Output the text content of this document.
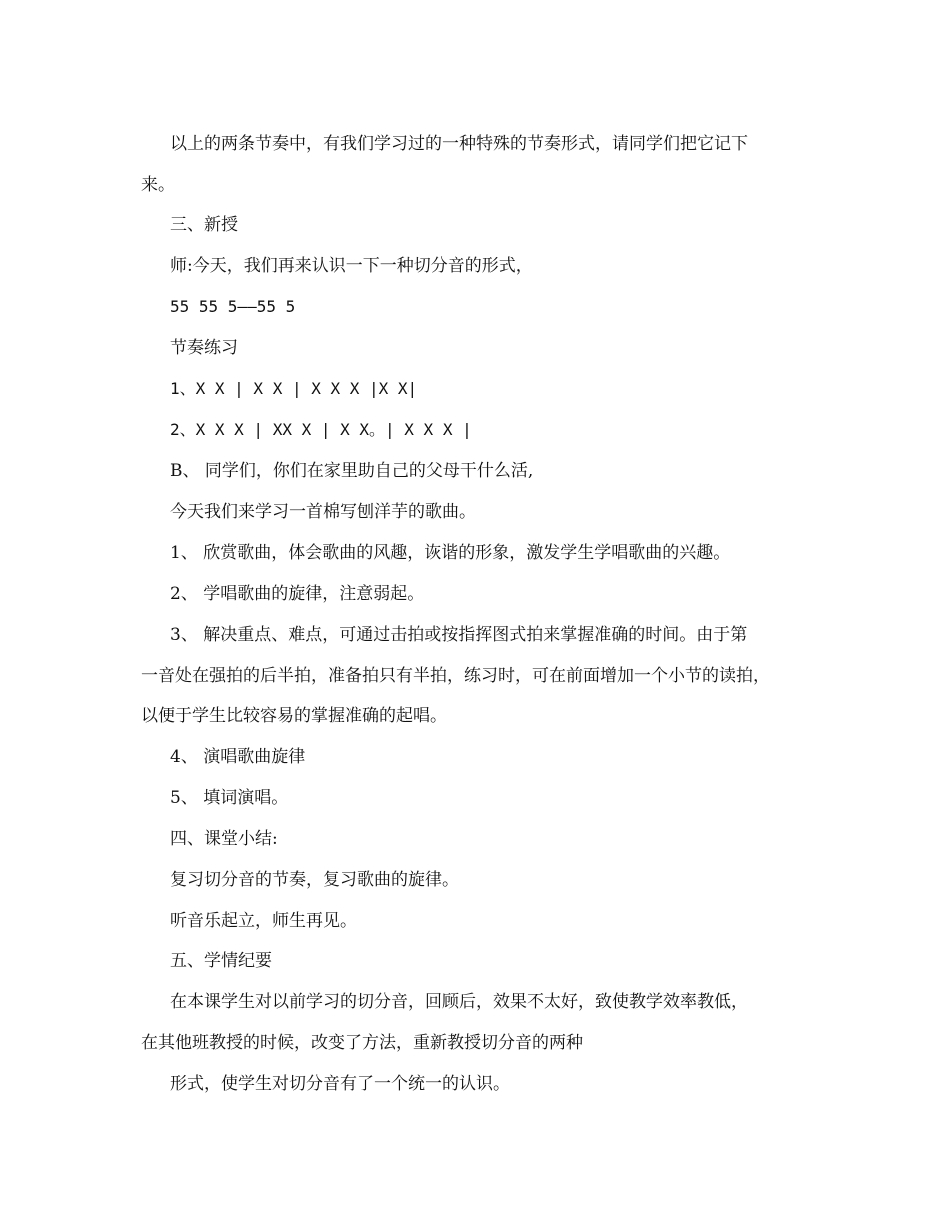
以上的两条节奏中，有我们学习过的一种特殊的节奏形式，请同学们把它记下
来。
三、新授
师:今天，我们再来认识一下一种切分音的形式，
55 55 5——55 5
节奏练习
1、X X | X X | X X X |X X|
2、X X X | XX X | X X。| X X X |
B、 同学们，你们在家里助自己的父母干什么活,
今天我们来学习一首棉写刨洋芋的歌曲。
1、 欣赏歌曲，体会歌曲的风趣，诙谐的形象，激发学生学唱歌曲的兴趣。
2、 学唱歌曲的旋律，注意弱起。
3、 解决重点、难点，可通过击拍或按指挥图式拍来掌握准确的时间。由于第
一音处在强拍的后半拍，准备拍只有半拍，练习时，可在前面增加一个小节的读拍，
以便于学生比较容易的掌握准确的起唱。
4、 演唱歌曲旋律
5、 填词演唱。
四、课堂小结:
复习切分音的节奏，复习歌曲的旋律。
听音乐起立，师生再见。
五、学情纪要
在本课学生对以前学习的切分音，回顾后，效果不太好，致使教学效率教低，
在其他班教授的时候，改变了方法，重新教授切分音的两种
形式，使学生对切分音有了一个统一的认识。
